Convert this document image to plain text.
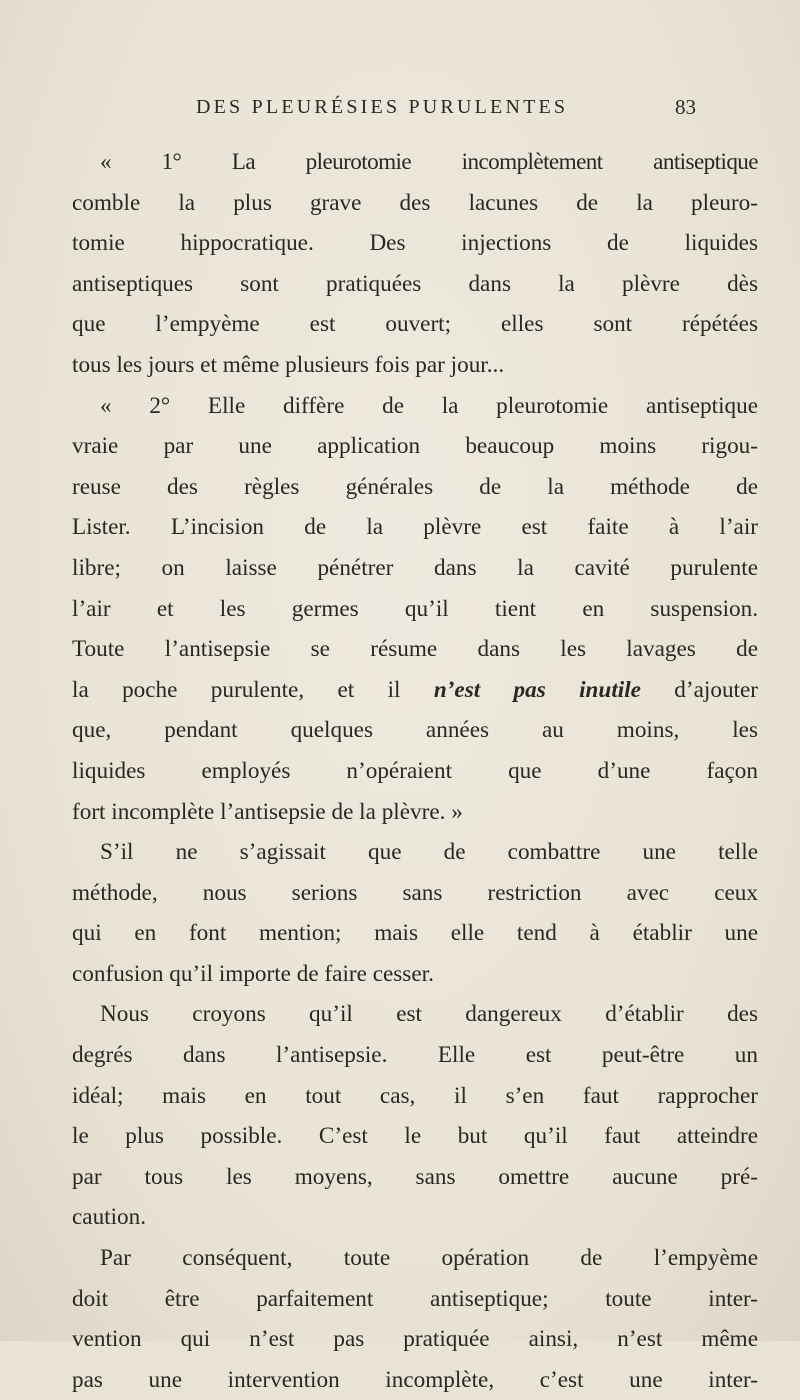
DES PLEURÉSIES PURULENTES	83
« 1° La pleurotomie incomplètement antiseptique
comble la plus grave des lacunes de la pleuro-
tomie hippocratique. Des injections de liquides
antiseptiques sont pratiquées dans la plèvre dès
que l’empyème est ouvert; elles sont répétées
tous les jours et même plusieurs fois par jour...
« 2° Elle diffère de la pleurotomie antiseptique
vraie par une application beaucoup moins rigou-
reuse des règles générales de la méthode de
Lister. L’incision de la plèvre est faite à l’air
libre; on laisse pénétrer dans la cavité purulente
l’air et les germes qu’il tient en suspension.
Toute l’antisepsie se résume dans les lavages de
la poche purulente, et il n’est pas inutile d’ajouter
que, pendant quelques années au moins, les
liquides employés n’opéraient que d’une façon
fort incomplète l’antisepsie de la plèvre. »
S’il ne s’agissait que de combattre une telle
méthode, nous serions sans restriction avec ceux
qui en font mention; mais elle tend à établir une
confusion qu’il importe de faire cesser.
Nous croyons qu’il est dangereux d’établir des
degrés dans l’antisepsie. Elle est peut-être un
idéal; mais en tout cas, il s’en faut rapprocher
le plus possible. C’est le but qu’il faut atteindre
par tous les moyens, sans omettre aucune pré-
caution.
Par conséquent, toute opération de l’empyème
doit être parfaitement antiseptique; toute inter-
vention qui n’est pas pratiquée ainsi, n’est même
pas une intervention incomplète, c’est une inter-
